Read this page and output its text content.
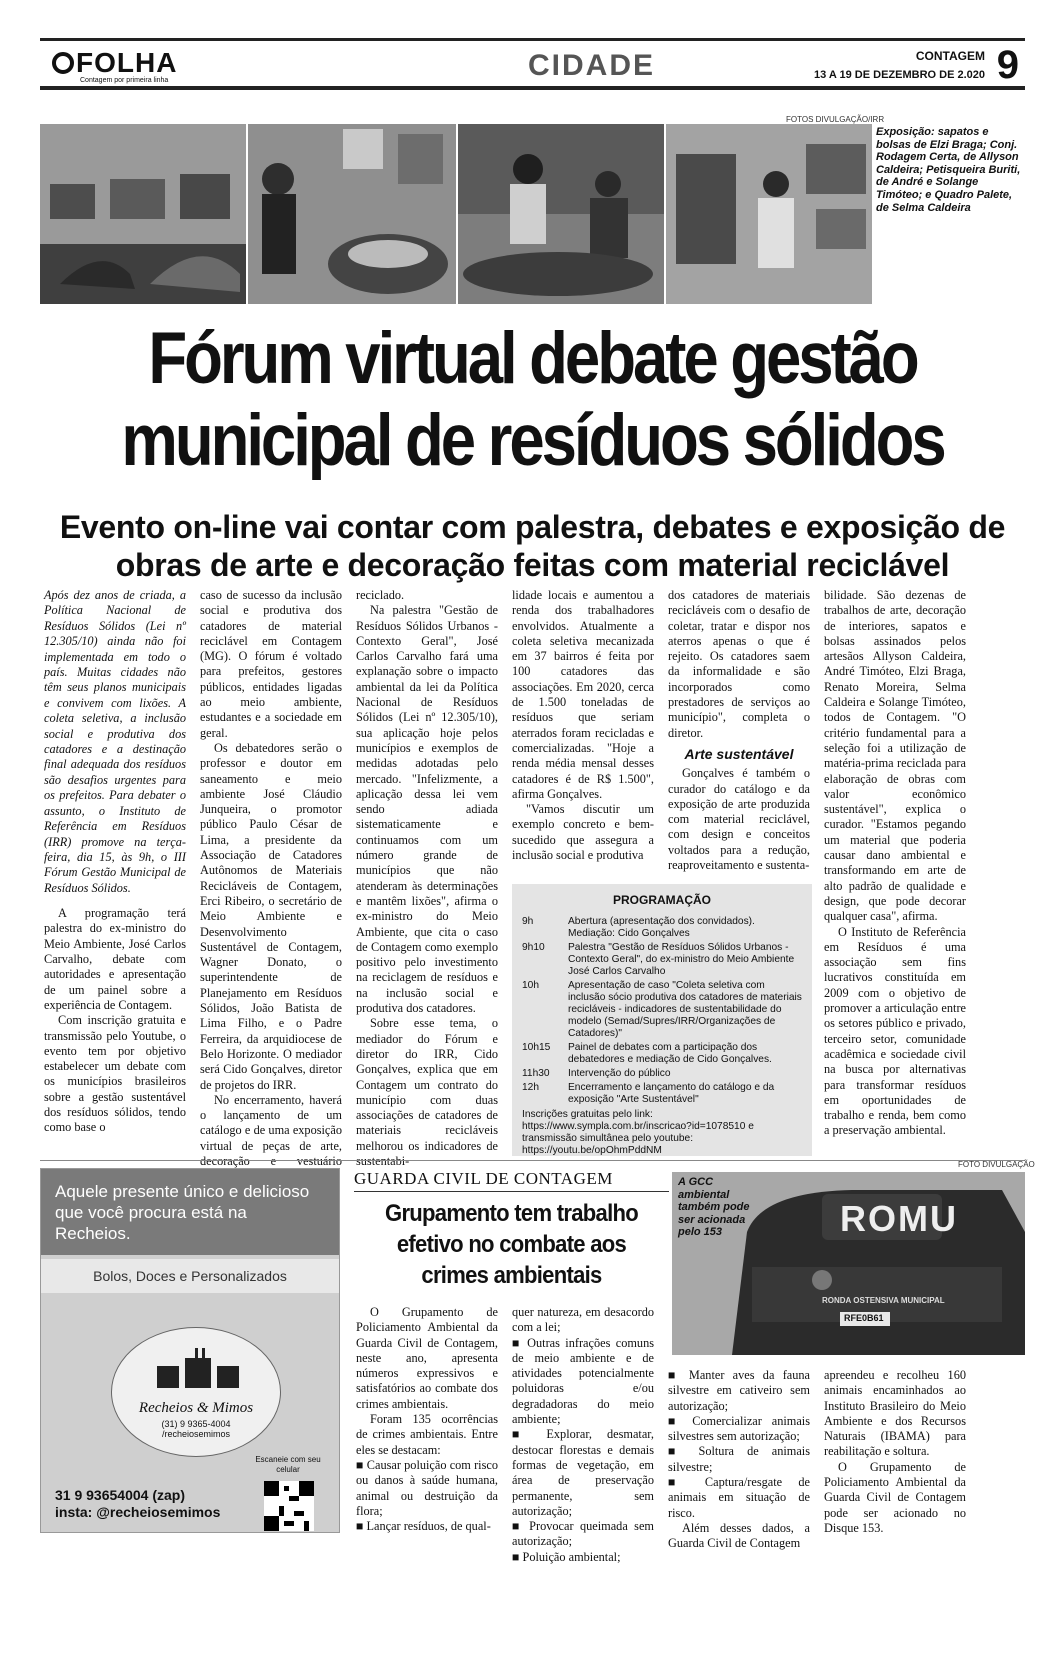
FOLHA
Contagem por primeira linha	CIDADE	CONTAGEM
13 A 19 DE DEZEMBRO DE 2.020 9
FOTOS DIVULGAÇÃO/IRR
Exposição: sapatos e bolsas de Elzi Braga; Conj. Rodagem Certa, de Allyson Caldeira; Petisqueira Buriti, de André e Solange Timóteo; e Quadro Palete, de Selma Caldeira
Fórum virtual debate gestão municipal de resíduos sólidos
Evento on-line vai contar com palestra, debates e exposição de obras de arte e decoração feitas com material reciclável

Após dez anos de criada, a Política Nacional de Resíduos Sólidos (Lei nº 12.305/10) ainda não foi implementada em todo o país. Muitas cidades não têm seus planos municipais e convivem com lixões. A coleta seletiva, a inclusão social e produtiva dos catadores e a destinação final adequada dos resíduos são desafios urgentes para os prefeitos. Para debater o assunto, o Instituto de Referência em Resíduos (IRR) promove na terça-feira, dia 15, às 9h, o III Fórum Gestão Municipal de Resíduos Sólidos.

A programação terá palestra do ex-ministro do Meio Ambiente, José Carlos Carvalho, debate com autoridades e apresentação de um painel sobre a experiência de Contagem.

Com inscrição gratuita e transmissão pelo Youtube, o evento tem por objetivo estabelecer um debate com os municípios brasileiros sobre a gestão sustentável dos resíduos sólidos, tendo como base o

caso de sucesso da inclusão social e produtiva dos catadores de material reciclável em Contagem (MG). O fórum é voltado para prefeitos, gestores públicos, entidades ligadas ao meio ambiente, estudantes e a sociedade em geral.

Os debatedores serão o professor e doutor em saneamento e meio ambiente José Cláudio Junqueira, o promotor público Paulo César de Lima, a presidente da Associação de Catadores Autônomos de Materiais Recicláveis de Contagem, Erci Ribeiro, o secretário de Meio Ambiente e Desenvolvimento Sustentável de Contagem, Wagner Donato, o superintendente de Planejamento em Resíduos Sólidos, João Batista de Lima Filho, e o Padre Ferreira, da arquidiocese de Belo Horizonte. O mediador será Cido Gonçalves, diretor de projetos do IRR.

No encerramento, haverá o lançamento de um catálogo e de uma exposição virtual de peças de arte, decoração e vestuário

reciclado.

Na palestra "Gestão de Resíduos Sólidos Urbanos - Contexto Geral", José Carlos Carvalho fará uma explanação sobre o impacto ambiental da lei da Política Nacional de Resíduos Sólidos (Lei nº 12.305/10), sua aplicação hoje pelos municípios e exemplos de medidas adotadas pelo mercado. "Infelizmente, a aplicação dessa lei vem sendo adiada sistematicamente e continuamos com um número grande de municípios que não atenderam às determinações e mantêm lixões", afirma o ex-ministro do Meio Ambiente, que cita o caso de Contagem como exemplo positivo pelo investimento na reciclagem de resíduos e na inclusão social e produtiva dos catadores.

Sobre esse tema, o mediador do Fórum e diretor do IRR, Cido Gonçalves, explica que em Contagem um contrato do município com duas associações de catadores de materiais recicláveis melhorou os indicadores de sustentabi-

lidade locais e aumentou a renda dos trabalhadores envolvidos. Atualmente a coleta seletiva mecanizada em 37 bairros é feita por 100 catadores das associações. Em 2020, cerca de 1.500 toneladas de resíduos que seriam aterrados foram recicladas e comercializadas. "Hoje a renda média mensal desses catadores é de R$ 1.500", afirma Gonçalves.

"Vamos discutir um exemplo concreto e bem-sucedido que assegura a inclusão social e produtiva

dos catadores de materiais recicláveis com o desafio de coletar, tratar e dispor nos aterros apenas o que é rejeito. Os catadores saem da informalidade e são incorporados como prestadores de serviços ao município", completa o diretor.

Arte sustentável

Gonçalves é também o curador do catálogo e da exposição de arte produzida com material reciclável, com design e conceitos voltados para a redução, reaproveitamento e sustenta-

bilidade. São dezenas de trabalhos de arte, decoração de interiores, sapatos e bolsas assinados pelos artesãos Allyson Caldeira, André Timóteo, Elzi Braga, Renato Moreira, Selma Caldeira e Solange Timóteo, todos de Contagem. "O critério fundamental para a seleção foi a utilização de matéria-prima reciclada para elaboração de obras com valor econômico sustentável", explica o curador. "Estamos pegando um material que poderia causar dano ambiental e transformando em arte de alto padrão de qualidade e design, que pode decorar qualquer casa", afirma.

O Instituto de Referência em Resíduos é uma associação sem fins lucrativos constituída em 2009 com o objetivo de promover a articulação entre os setores público e privado, terceiro setor, comunidade acadêmica e sociedade civil na busca por alternativas para transformar resíduos em oportunidades de trabalho e renda, bem como a preservação ambiental.

PROGRAMAÇÃO
9h	Abertura (apresentação dos convidados). Mediação: Cido Gonçalves
9h10	Palestra "Gestão de Resíduos Sólidos Urbanos - Contexto Geral", do ex-ministro do Meio Ambiente José Carlos Carvalho
10h	Apresentação de caso "Coleta seletiva com inclusão sócio produtiva dos catadores de materiais recicláveis - indicadores de sustentabilidade do modelo (Semad/Supres/IRR/Organizações de Catadores)"
10h15	Painel de debates com a participação dos debatedores e mediação de Cido Gonçalves.
11h30	Intervenção do público
12h	Encerramento e lançamento do catálogo e da exposição "Arte Sustentável"
Inscrições gratuitas pelo link: https://www.sympla.com.br/inscricao?id=1078510 e transmissão simultânea pelo youtube: https://youtu.be/opOhmPddNM
Aquele presente único e delicioso que você procura está na Recheios.
Bolos, Doces e Personalizados
Recheios & Mimos
(31) 9 9365-4004
/recheiosemimos
Escaneie com seu celular
31 9 93654004 (zap)
insta: @recheiosemimos
GUARDA CIVIL DE CONTAGEM
Grupamento tem trabalho efetivo no combate aos crimes ambientais

O Grupamento de Policiamento Ambiental da Guarda Civil de Contagem, neste ano, apresenta números expressivos e satisfatórios ao combate dos crimes ambientais.

Foram 135 ocorrências de crimes ambientais. Entre eles se destacam:

■ Causar poluição com risco ou danos à saúde humana, animal ou destruição da flora;

■ Lançar resíduos, de qual-

quer natureza, em desacordo com a lei;

■ Outras infrações comuns de meio ambiente e de atividades potencialmente poluidoras e/ou degradadoras do meio ambiente;

■ Explorar, desmatar, destocar florestas e demais formas de vegetação, em área de preservação permanente, sem autorização;

■ Provocar queimada sem autorização;

■ Poluição ambiental;

FOTO DIVULGAÇÃO
ROMU
RONDA OSTENSIVA MUNICIPAL
RFE0B61
A GCC ambiental também pode ser acionada pelo 153

■ Manter aves da fauna silvestre em cativeiro sem autorização;

■ Comercializar animais silvestres sem autorização;

■ Soltura de animais silvestre;

■ Captura/resgate de animais em situação de risco.

Além desses dados, a Guarda Civil de Contagem

apreendeu e recolheu 160 animais encaminhados ao Instituto Brasileiro do Meio Ambiente e dos Recursos Naturais (IBAMA) para reabilitação e soltura.

O Grupamento de Policiamento Ambiental da Guarda Civil de Contagem pode ser acionado no Disque 153.
